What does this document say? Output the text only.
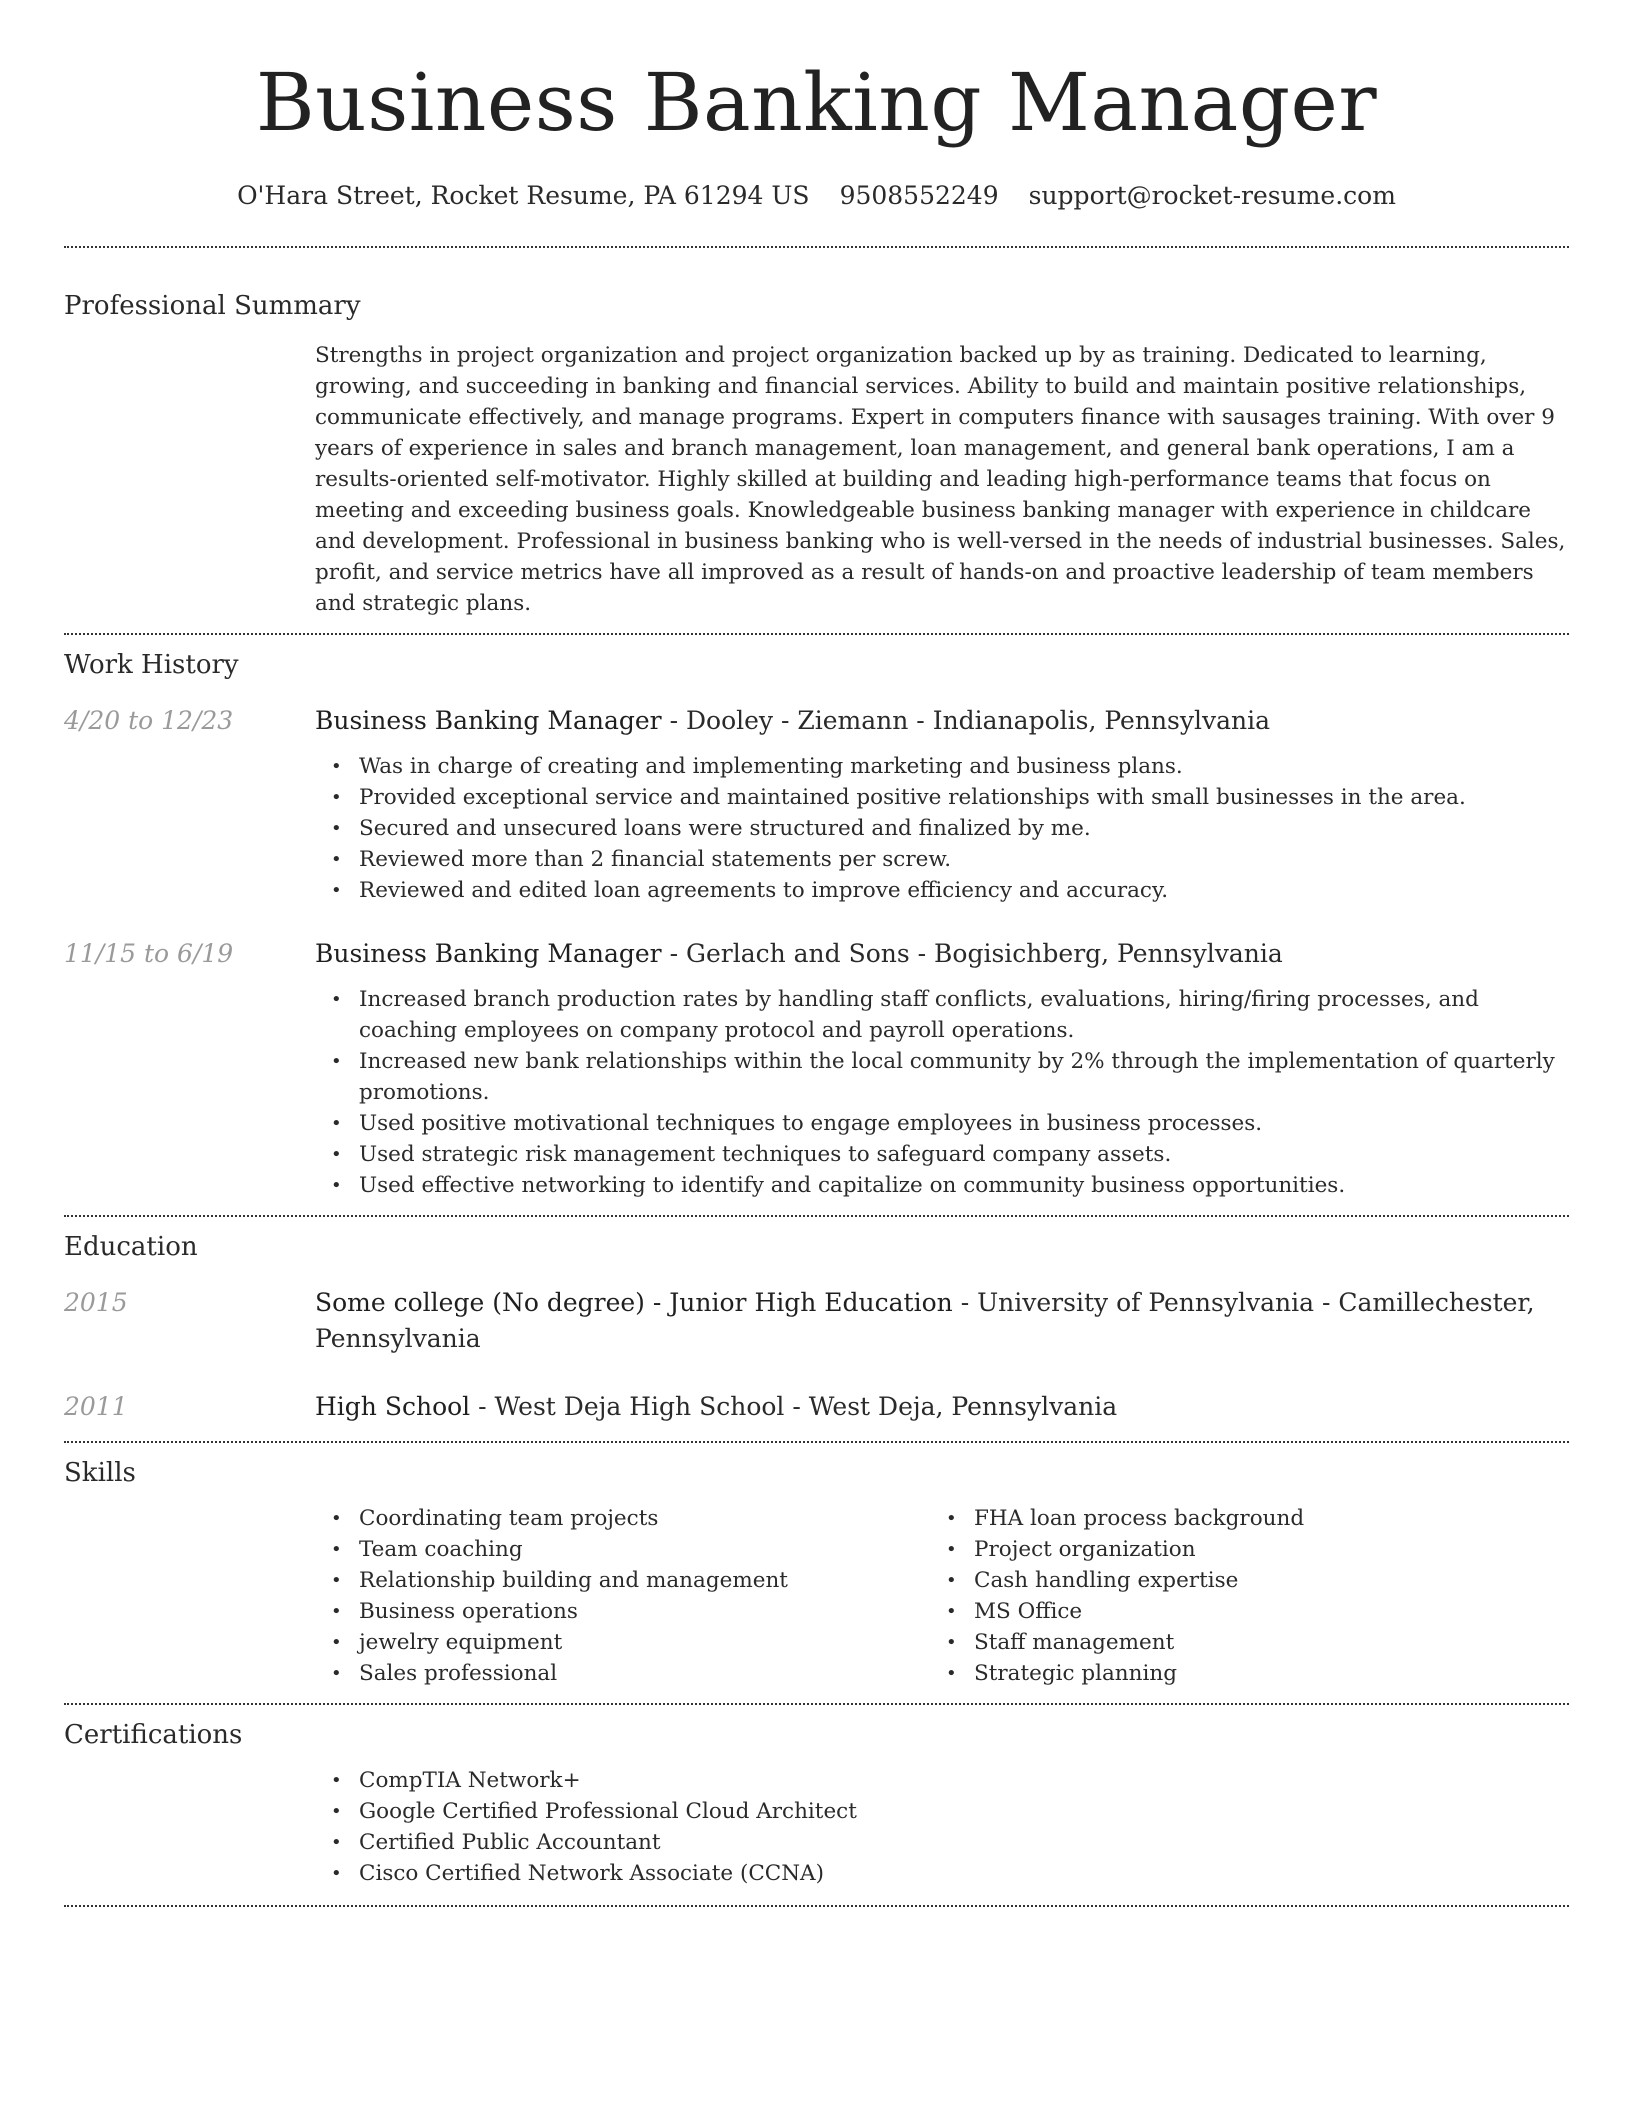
Business Banking Manager
O'Hara Street, Rocket Resume, PA 61294 US 9508552249 support@rocket-resume.com
Professional Summary

Strengths in project organization and project organization backed up by as training. Dedicated to learning, growing, and succeeding in banking and financial services. Ability to build and maintain positive relationships, communicate effectively, and manage programs. Expert in computers finance with sausages training. With over 9 years of experience in sales and branch management, loan management, and general bank operations, I am a results-oriented self-motivator. Highly skilled at building and leading high-performance teams that focus on meeting and exceeding business goals. Knowledgeable business banking manager with experience in childcare and development. Professional in business banking who is well-versed in the needs of industrial businesses. Sales, profit, and service metrics have all improved as a result of hands-on and proactive leadership of team members and strategic plans.

Work History
4/20 to 12/23	Business Banking Manager - Dooley - Ziemann - Indianapolis, Pennsylvania
• Was in charge of creating and implementing marketing and business plans.
• Provided exceptional service and maintained positive relationships with small businesses in the area.
• Secured and unsecured loans were structured and finalized by me.
• Reviewed more than 2 financial statements per screw.
• Reviewed and edited loan agreements to improve efficiency and accuracy.
11/15 to 6/19	Business Banking Manager - Gerlach and Sons - Bogisichberg, Pennsylvania
• Increased branch production rates by handling staff conflicts, evaluations, hiring/firing processes, and coaching employees on company protocol and payroll operations.
• Increased new bank relationships within the local community by 2% through the implementation of quarterly promotions.
• Used positive motivational techniques to engage employees in business processes.
• Used strategic risk management techniques to safeguard company assets.
• Used effective networking to identify and capitalize on community business opportunities.
Education
2015	Some college (No degree) - Junior High Education - University of Pennsylvania - Camillechester, Pennsylvania
2011	High School - West Deja High School - West Deja, Pennsylvania
Skills
• Coordinating team projects
• Team coaching
• Relationship building and management
• Business operations
• jewelry equipment
• Sales professional
• FHA loan process background
• Project organization
• Cash handling expertise
• MS Office
• Staff management
• Strategic planning
Certifications
• CompTIA Network+
• Google Certified Professional Cloud Architect
• Certified Public Accountant
• Cisco Certified Network Associate (CCNA)
